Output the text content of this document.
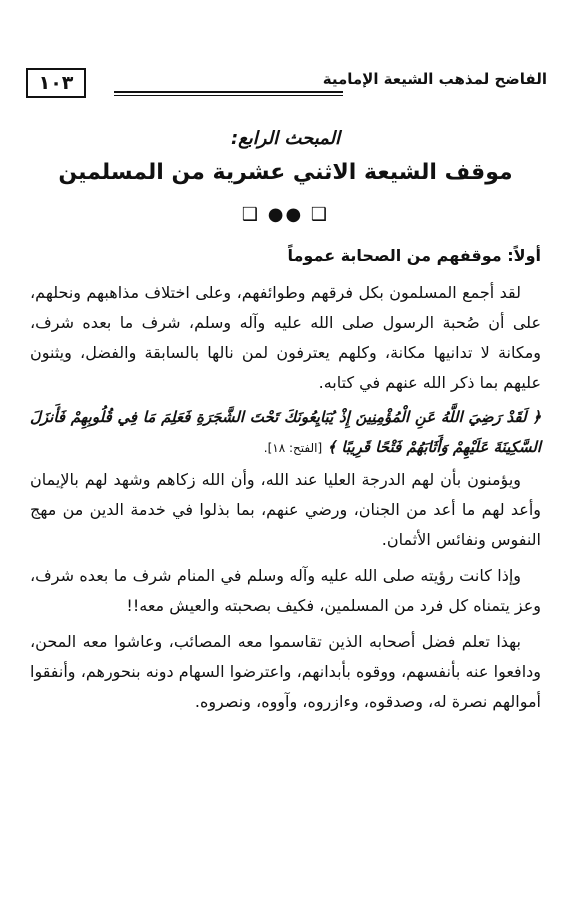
١٠٣	الفاضح لمذهب الشيعة الإمامية
المبحث الرابع:
موقف الشيعة الاثني عشرية من المسلمين
❑ ●● ❑
أولاً: موقفهم من الصحابة عموماً

لقد أجمع المسلمون بكل فرقهم وطوائفهم، وعلى اختلاف مذاهبهم ونحلهم، على أن صُحبة الرسول صلى الله عليه وآله وسلم، شرف ما بعده شرف، ومكانة لا تدانيها مكانة، وكلهم يعترفون لمن نالها بالسابقة والفضل، ويثنون عليهم بما ذكر الله عنهم في كتابه.

﴿ لَقَدْ رَضِيَ اللَّهُ عَنِ الْمُؤْمِنِينَ إِذْ يُبَايِعُونَكَ تَحْتَ الشَّجَرَةِ فَعَلِمَ مَا فِي قُلُوبِهِمْ فَأَنزَلَ السَّكِينَةَ عَلَيْهِمْ وَأَثَابَهُمْ فَتْحًا قَرِيبًا ﴾ [الفتح: ١٨].

ويؤمنون بأن لهم الدرجة العليا عند الله، وأن الله زكاهم وشهد لهم بالإيمان وأعد لهم ما أعد من الجنان، ورضي عنهم، بما بذلوا في خدمة الدين من مهج النفوس ونفائس الأثمان.

وإذا كانت رؤيته صلى الله عليه وآله وسلم في المنام شرف ما بعده شرف، وعز يتمناه كل فرد من المسلمين، فكيف بصحبته والعيش معه!!

بهذا تعلم فضل أصحابه الذين تقاسموا معه المصائب، وعاشوا معه المحن، ودافعوا عنه بأنفسهم، ووقوه بأبدانهم، واعترضوا السهام دونه بنحورهم، وأنفقوا أموالهم نصرة له، وصدقوه، وءازروه، وآووه، ونصروه.
